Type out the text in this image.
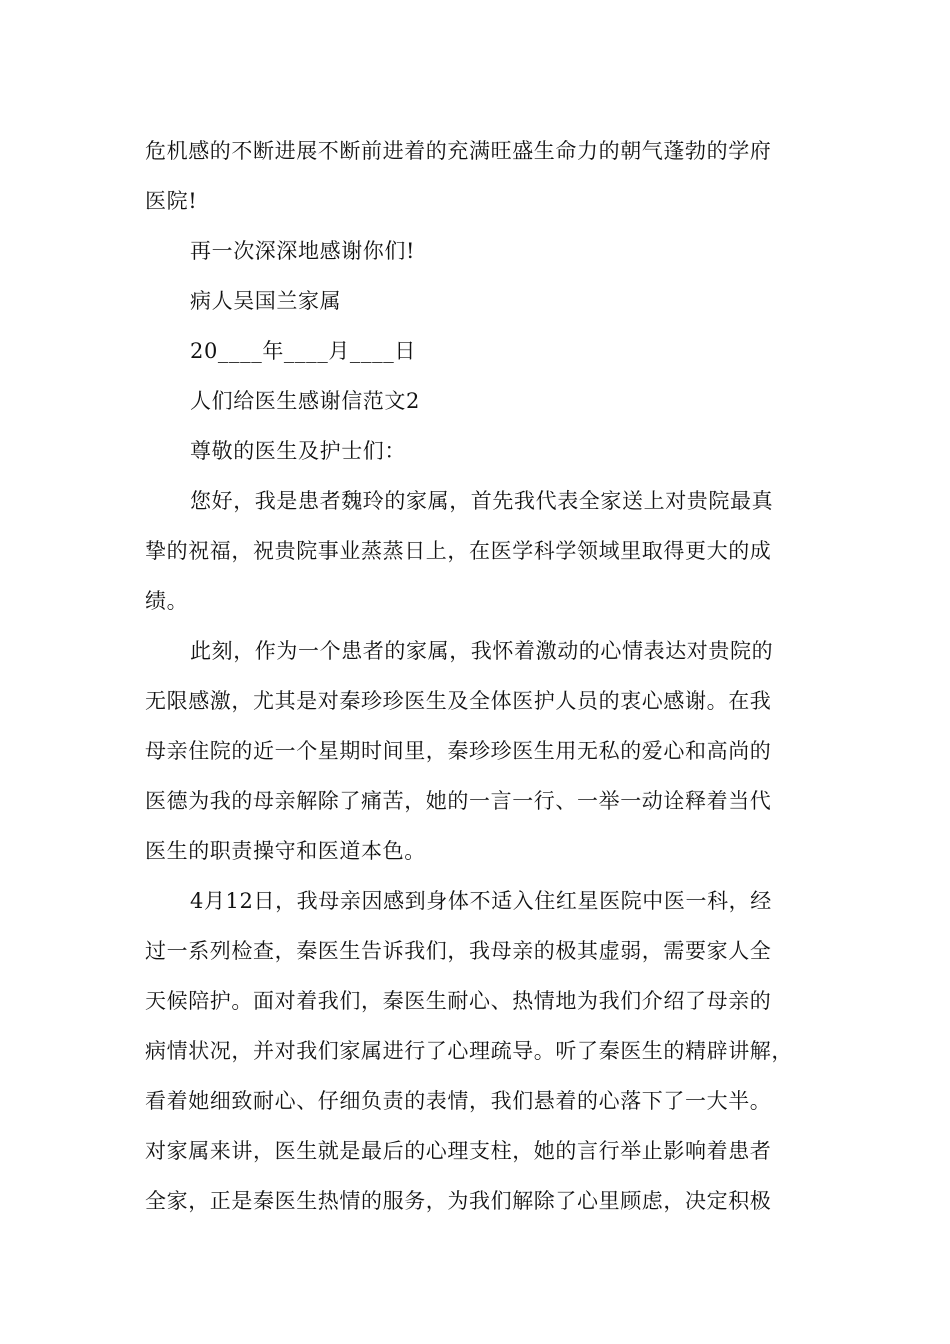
危机感的不断进展不断前进着的充满旺盛生命力的朝气蓬勃的学府
医院!
再一次深深地感谢你们!
病人吴国兰家属
20____年____月____日
人们给医生感谢信范文2
尊敬的医生及护士们：
您好，我是患者魏玲的家属，首先我代表全家送上对贵院最真
挚的祝福，祝贵院事业蒸蒸日上，在医学科学领域里取得更大的成
绩。
此刻，作为一个患者的家属，我怀着激动的心情表达对贵院的
无限感激，尤其是对秦珍珍医生及全体医护人员的衷心感谢。在我
母亲住院的近一个星期时间里，秦珍珍医生用无私的爱心和高尚的
医德为我的母亲解除了痛苦，她的一言一行、一举一动诠释着当代
医生的职责操守和医道本色。
4月12日，我母亲因感到身体不适入住红星医院中医一科，经
过一系列检查，秦医生告诉我们，我母亲的极其虚弱，需要家人全
天候陪护。面对着我们，秦医生耐心、热情地为我们介绍了母亲的
病情状况，并对我们家属进行了心理疏导。听了秦医生的精辟讲解，
看着她细致耐心、仔细负责的表情，我们悬着的心落下了一大半。
对家属来讲，医生就是最后的心理支柱，她的言行举止影响着患者
全家，正是秦医生热情的服务，为我们解除了心里顾虑，决定积极
